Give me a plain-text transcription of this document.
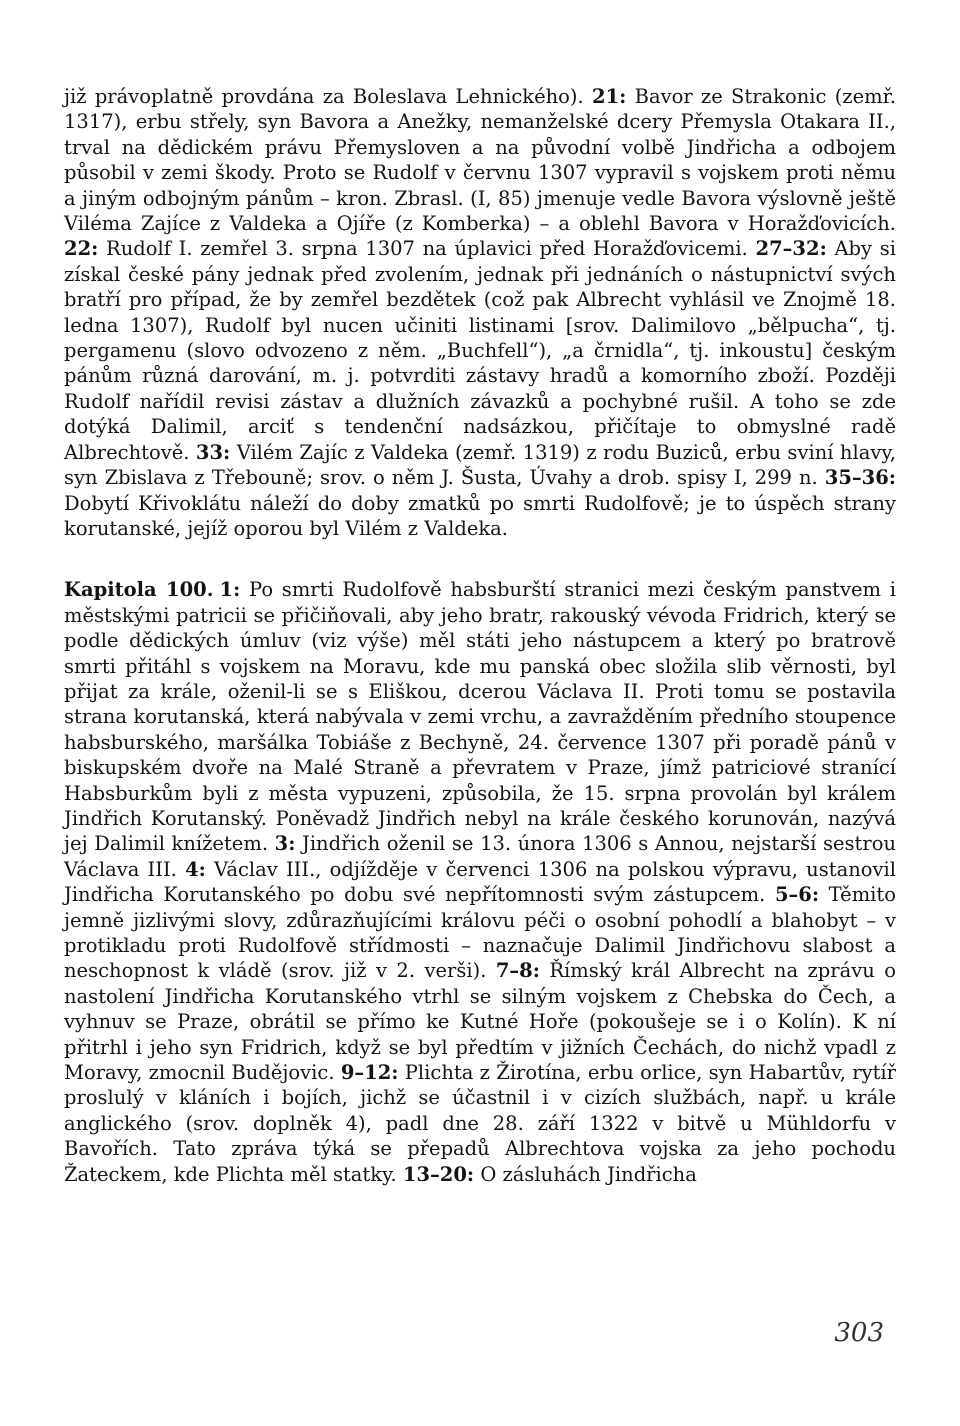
již právoplatně provdána za Boleslava Lehnického). 21: Bavor ze Strakonic (zemř. 1317), erbu střely, syn Bavora a Anežky, nemanželské dcery Přemysla Otakara II., trval na dědickém právu Přemysloven a na původní volbě Jindřicha a odbojem působil v zemi škody. Proto se Rudolf v červnu 1307 vypravil s vojskem proti němu a jiným odbojným pánům – kron. Zbrasl. (I, 85) jmenuje vedle Bavora výslovně ještě Viléma Zajíce z Valdeka a Ojíře (z Komberka) – a oblehl Bavora v Horažďovicích. 22: Rudolf I. zemřel 3. srpna 1307 na úplavici před Horažďovicemi. 27–32: Aby si získal české pány jednak před zvolením, jednak při jednáních o nástupnictví svých bratří pro případ, že by zemřel bezdětek (což pak Albrecht vyhlásil ve Znojmě 18. ledna 1307), Rudolf byl nucen učiniti listinami [srov. Dalimilovo „bělpucha“, tj. pergamenu (slovo odvozeno z něm. „Buchfell“), „a črnidla“, tj. inkoustu] českým pánům různá darování, m. j. potvrditi zástavy hradů a komorního zboží. Později Rudolf nařídil revisi zástav a dlužních závazků a pochybné rušil. A toho se zde dotýká Dalimil, arciť s tendenční nadsázkou, přičítaje to obmyslné radě Albrechtově. 33: Vilém Zajíc z Valdeka (zemř. 1319) z rodu Buziců, erbu sviní hlavy, syn Zbislava z Třebouně; srov. o něm J. Šusta, Úvahy a drob. spisy I, 299 n. 35–36: Dobytí Křivoklátu náleží do doby zmatků po smrti Rudolfově; je to úspěch strany korutanské, jejíž oporou byl Vilém z Valdeka.

Kapitola 100. 1: Po smrti Rudolfově habsburští stranici mezi českým panstvem i městskými patricii se přičiňovali, aby jeho bratr, rakouský vévoda Fridrich, který se podle dědických úmluv (viz výše) měl státi jeho nástupcem a který po bratrově smrti přitáhl s vojskem na Moravu, kde mu panská obec složila slib věrnosti, byl přijat za krále, oženil-li se s Eliškou, dcerou Václava II. Proti tomu se postavila strana korutanská, která nabývala v zemi vrchu, a zavražděním předního stoupence habsburského, maršálka Tobiáše z Bechyně, 24. července 1307 při poradě pánů v biskupském dvoře na Malé Straně a převratem v Praze, jímž patriciové stranící Habsburkům byli z města vypuzeni, způsobila, že 15. srpna provolán byl králem Jindřich Korutanský. Poněvadž Jindřich nebyl na krále českého korunován, nazývá jej Dalimil knížetem. 3: Jindřich oženil se 13. února 1306 s Annou, nejstarší sestrou Václava III. 4: Václav III., odjížděje v červenci 1306 na polskou výpravu, ustanovil Jindřicha Korutanského po dobu své nepřítomnosti svým zástupcem. 5–6: Těmito jemně jizlivými slovy, zdůrazňujícími královu péči o osobní pohodlí a blahobyt – v protikladu proti Rudolfově střídmosti – naznačuje Dalimil Jindřichovu slabost a neschopnost k vládě (srov. již v 2. verši). 7–8: Římský král Albrecht na zprávu o nastolení Jindřicha Korutanského vtrhl se silným vojskem z Chebska do Čech, a vyhnuv se Praze, obrátil se přímo ke Kutné Hoře (pokoušeje se i o Kolín). K ní přitrhl i jeho syn Fridrich, když se byl předtím v jižních Čechách, do nichž vpadl z Moravy, zmocnil Budějovic. 9–12: Plichta z Žirotína, erbu orlice, syn Habartův, rytíř proslulý v kláních i bojích, jichž se účastnil i v cizích službách, např. u krále anglického (srov. doplněk 4), padl dne 28. září 1322 v bitvě u Mühldorfu v Bavořích. Tato zpráva týká se přepadů Albrechtova vojska za jeho pochodu Žateckem, kde Plichta měl statky. 13–20: O zásluhách Jindřicha

303
